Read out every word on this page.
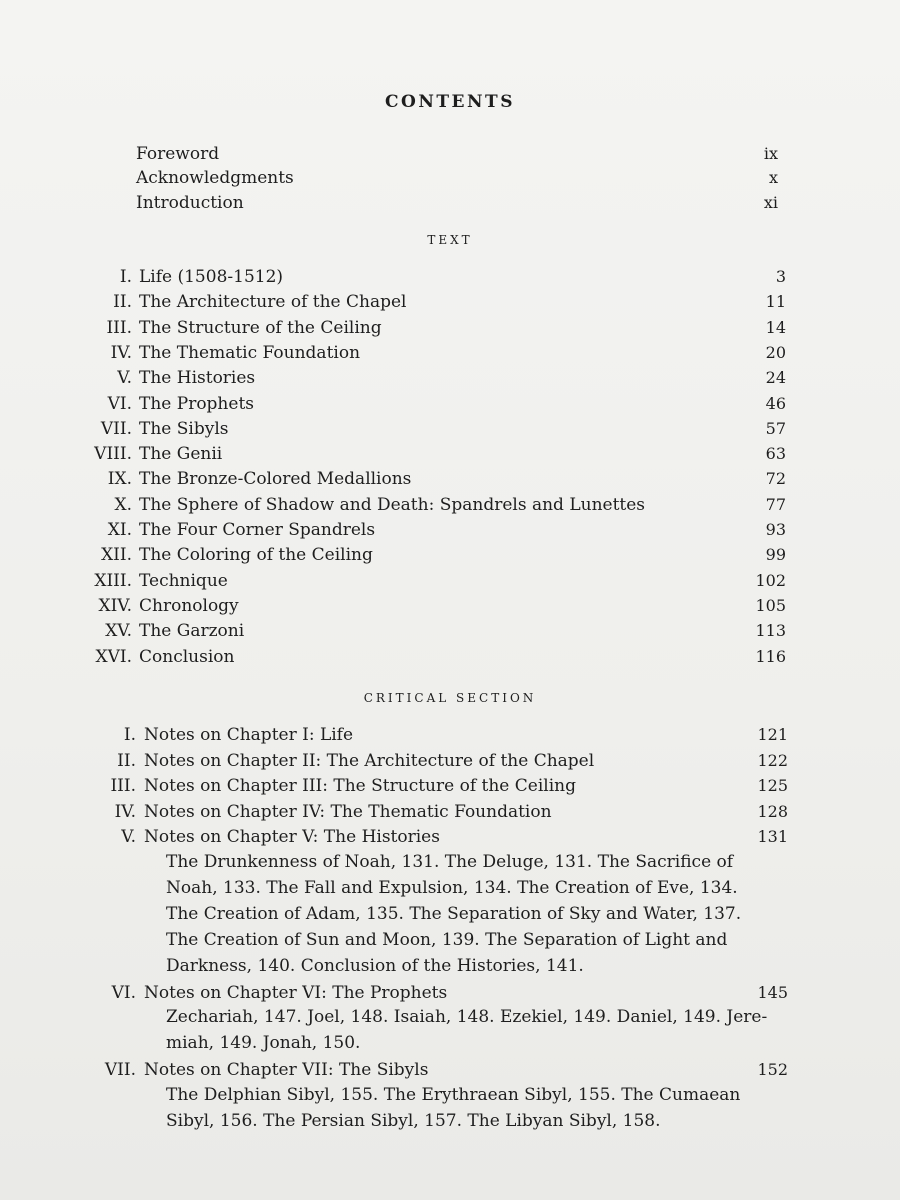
CONTENTS
Foreword	ix
Acknowledgments	x
Introduction	xi
TEXT
I. Life (1508-1512)	3
II. The Architecture of the Chapel	11
III. The Structure of the Ceiling	14
IV. The Thematic Foundation	20
V. The Histories	24
VI. The Prophets	46
VII. The Sibyls	57
VIII. The Genii	63
IX. The Bronze-Colored Medallions	72
X. The Sphere of Shadow and Death: Spandrels and Lunettes	77
XI. The Four Corner Spandrels	93
XII. The Coloring of the Ceiling	99
XIII. Technique	102
XIV. Chronology	105
XV. The Garzoni	113
XVI. Conclusion	116
CRITICAL SECTION
I. Notes on Chapter I: Life	121
II. Notes on Chapter II: The Architecture of the Chapel	122
III. Notes on Chapter III: The Structure of the Ceiling	125
IV. Notes on Chapter IV: The Thematic Foundation	128
V. Notes on Chapter V: The Histories	131
The Drunkenness of Noah, 131. The Deluge, 131. The Sacrifice of
Noah, 133. The Fall and Expulsion, 134. The Creation of Eve, 134.
The Creation of Adam, 135. The Separation of Sky and Water, 137.
The Creation of Sun and Moon, 139. The Separation of Light and
Darkness, 140. Conclusion of the Histories, 141.
VI. Notes on Chapter VI: The Prophets	145
Zechariah, 147. Joel, 148. Isaiah, 148. Ezekiel, 149. Daniel, 149. Jere-
miah, 149. Jonah, 150.
VII. Notes on Chapter VII: The Sibyls	152
The Delphian Sibyl, 155. The Erythraean Sibyl, 155. The Cumaean
Sibyl, 156. The Persian Sibyl, 157. The Libyan Sibyl, 158.
